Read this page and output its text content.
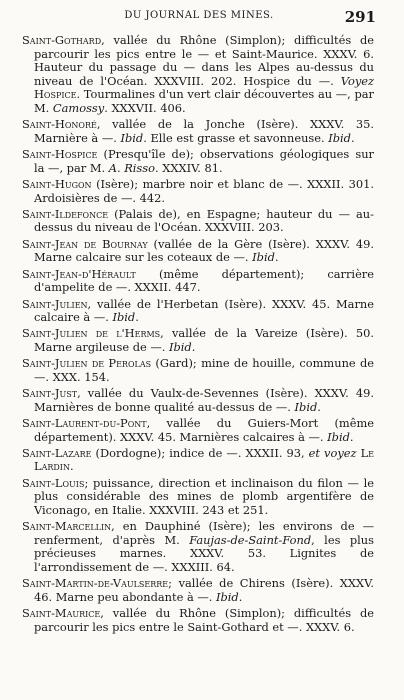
DU JOURNAL DES MINES.	291

Saint-Gothard, vallée du Rhône (Simplon); difficultés de parcourir les pics entre le — et Saint-Maurice. XXXV. 6. Hauteur du passage du — dans les Alpes au-dessus du niveau de l'Océan. XXXVIII. 202. Hospice du —. Voyez Hospice. Tourmalines d'un vert clair découvertes au —, par M. Camossy. XXXVII. 406.

Saint-Honoré, vallée de la Jonche (Isère). XXXV. 35. Marnière à —. Ibid. Elle est grasse et savonneuse. Ibid.

Saint-Hospice (Presqu'île de); observations géologiques sur la —, par M. A. Risso. XXXIV. 81.

Saint-Hugon (Isère); marbre noir et blanc de —. XXXII. 301. Ardoisières de —. 442.

Saint-Ildefonce (Palais de), en Espagne; hauteur du — au-dessus du niveau de l'Océan. XXXVIII. 203.

Saint-Jean de Bournay (vallée de la Gère (Isère). XXXV. 49. Marne calcaire sur les coteaux de —. Ibid.

Saint-Jean-d'Hérault (même département); carrière d'ampelite de —. XXXII. 447.

Saint-Julien, vallée de l'Herbetan (Isère). XXXV. 45. Marne calcaire à —. Ibid.

Saint-Julien de l'Herms, vallée de la Vareize (Isère). 50. Marne argileuse de —. Ibid.

Saint-Julien de Perolas (Gard); mine de houille, commune de —. XXX. 154.

Saint-Just, vallée du Vaulx-de-Sevennes (Isère). XXXV. 49. Marnières de bonne qualité au-dessus de —. Ibid.

Saint-Laurent-du-Pont, vallée du Guiers-Mort (même département). XXXV. 45. Marnières calcaires à —. Ibid.

Saint-Lazare (Dordogne); indice de —. XXXII. 93, et voyez Le Lardin.

Saint-Louis; puissance, direction et inclinaison du filon — le plus considérable des mines de plomb argentifère de Viconago, en Italie. XXXVIII. 243 et 251.

Saint-Marcellin, en Dauphiné (Isère); les environs de — renferment, d'après M. Faujas-de-Saint-Fond, les plus précieuses marnes. XXXV. 53. Lignites de l'arrondissement de —. XXXIII. 64.

Saint-Martin-de-Vaulserre; vallée de Chirens (Isère). XXXV. 46. Marne peu abondante à —. Ibid.

Saint-Maurice, vallée du Rhône (Simplon); difficultés de parcourir les pics entre le Saint-Gothard et —. XXXV. 6.
